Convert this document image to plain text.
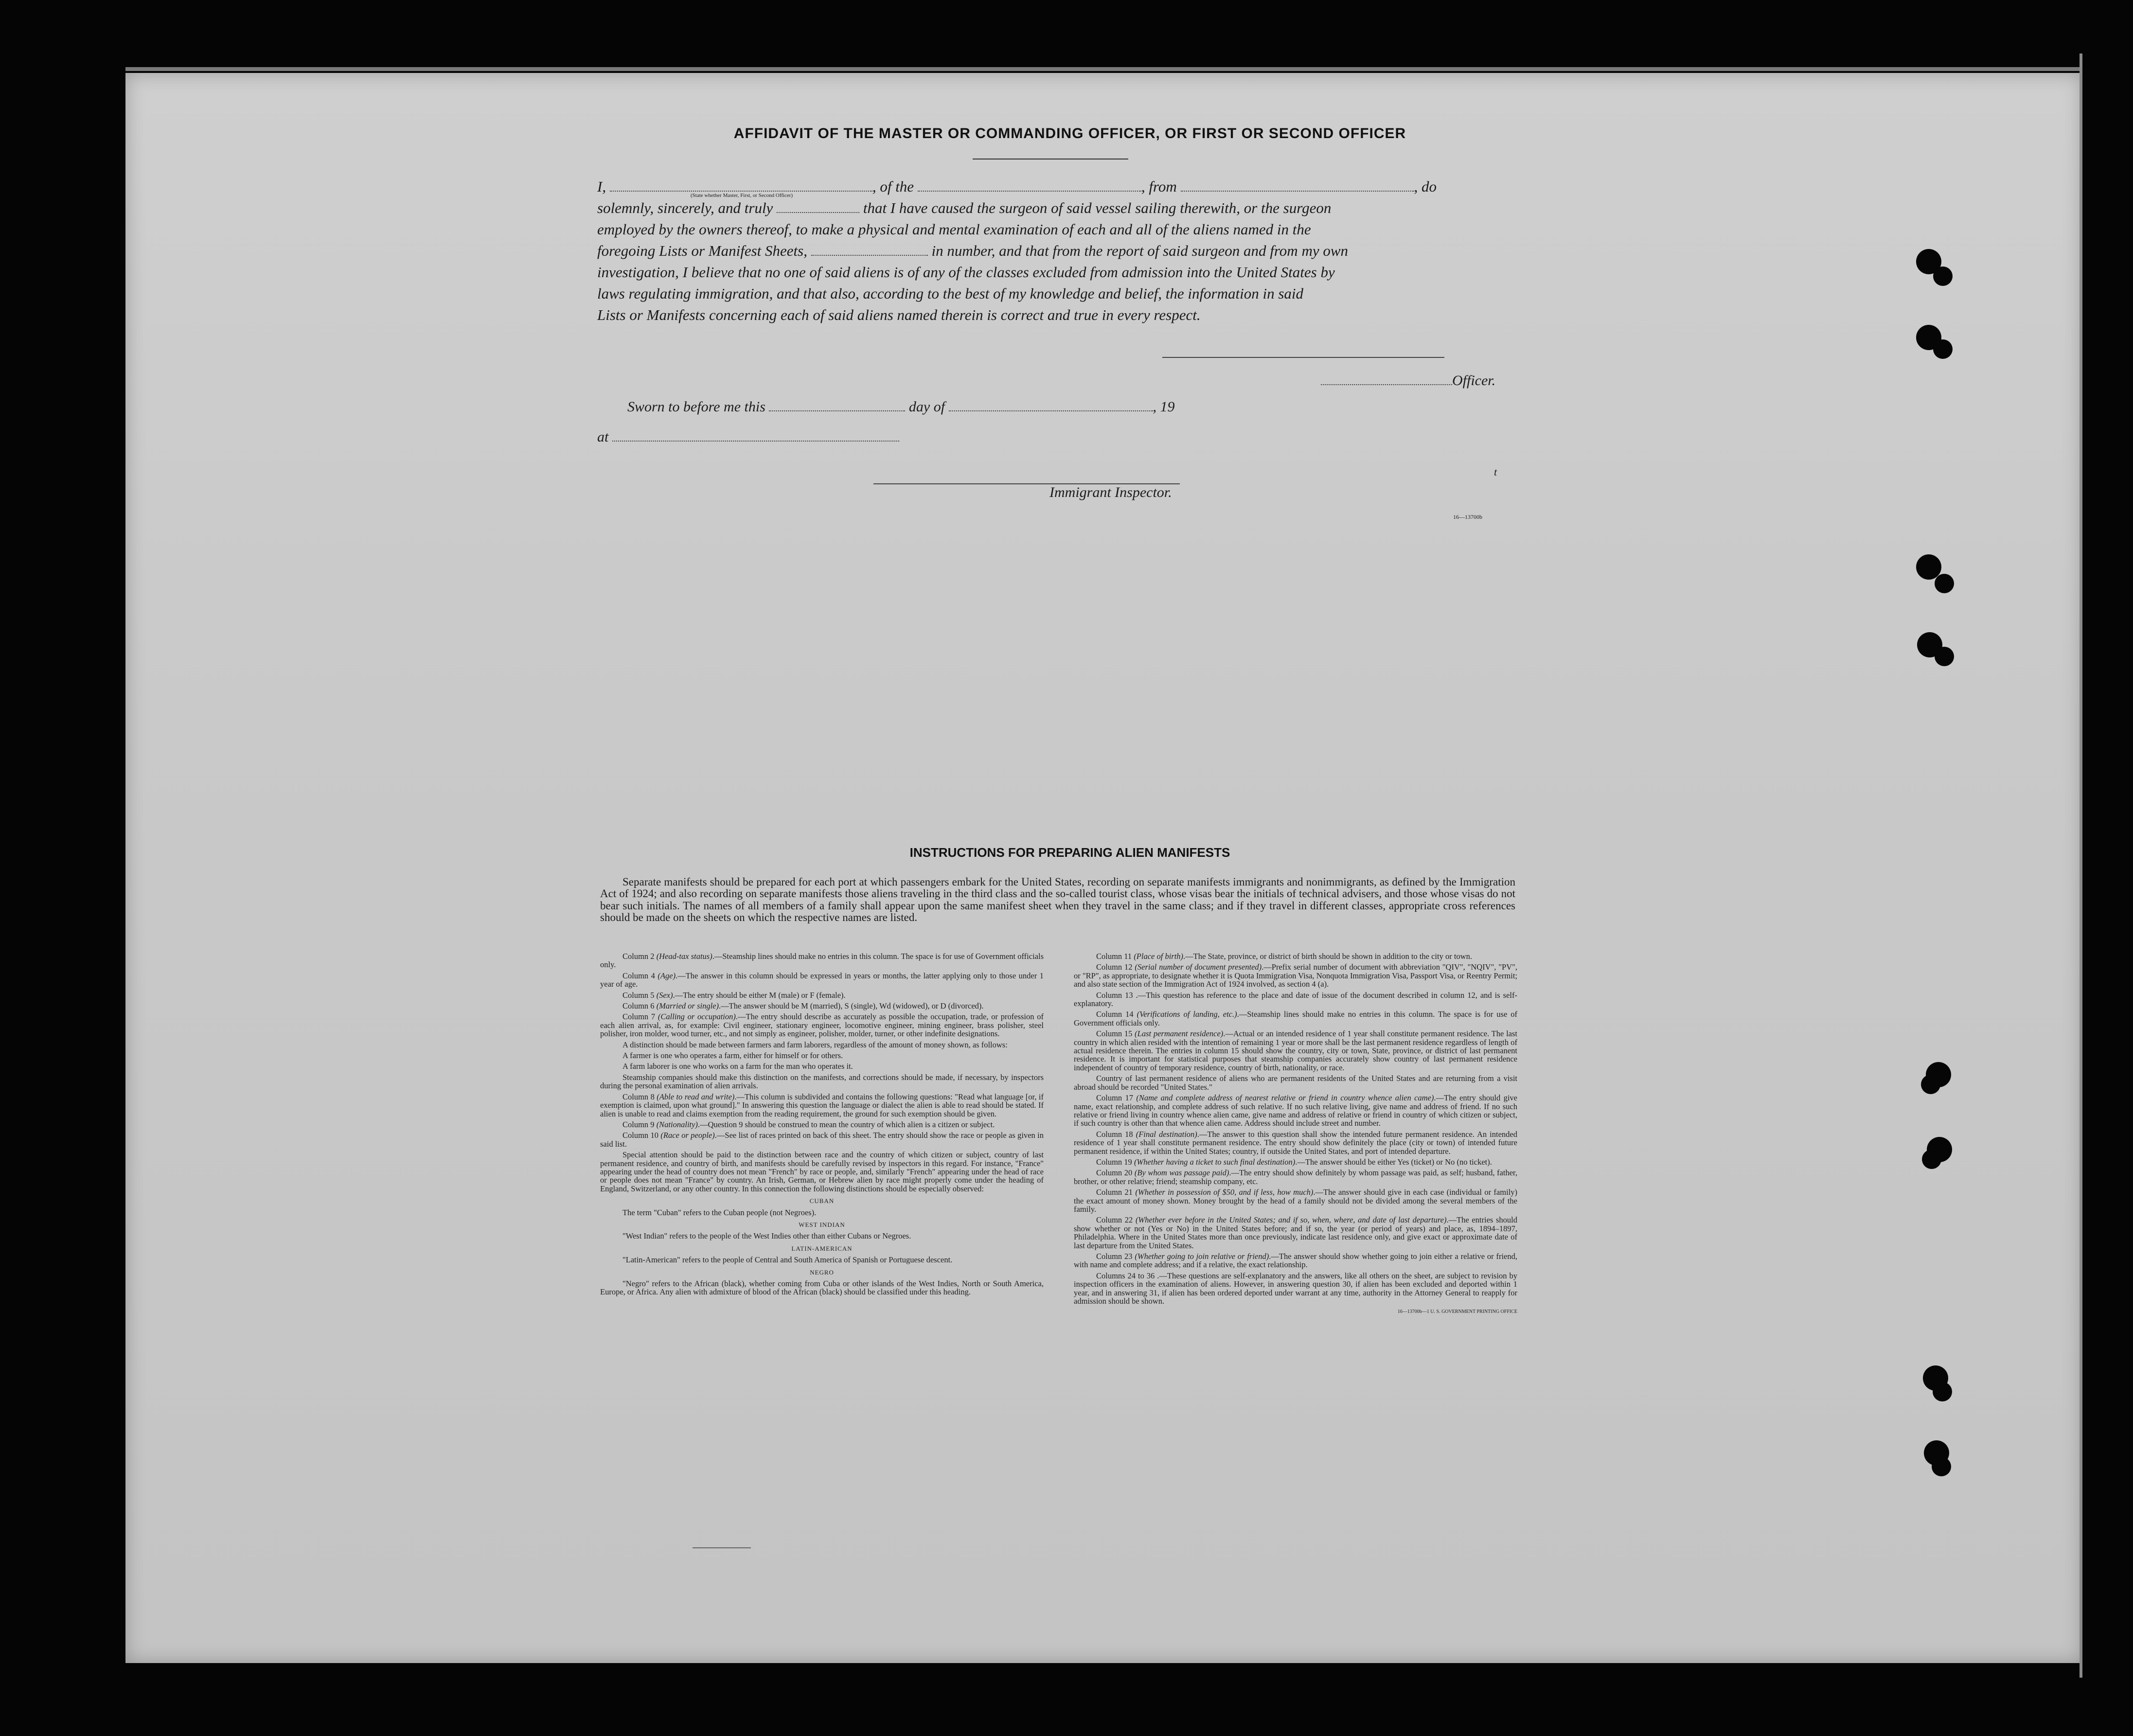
AFFIDAVIT OF THE MASTER OR COMMANDING OFFICER, OR FIRST OR SECOND OFFICER
(State whether Master, First, or Second Officer)
I,	, of the	, from	, do
solemnly, sincerely, and truly	that I have caused the surgeon of said vessel sailing therewith, or the surgeon
employed by the owners thereof, to make a physical and mental examination of each and all of the aliens named in the
foregoing Lists or Manifest Sheets,	in number, and that from the report of said surgeon and from my own
investigation, I believe that no one of said aliens is of any of the classes excluded from admission into the United States by
laws regulating immigration, and that also, according to the best of my knowledge and belief, the information in said
Lists or Manifests concerning each of said aliens named therein is correct and true in every respect.
Officer.
Sworn to before me this	day of	, 19
at
t
Immigrant Inspector.
16—13700b
INSTRUCTIONS FOR PREPARING ALIEN MANIFESTS
Separate manifests should be prepared for each port at which passengers embark for the United States, recording on separate manifests immigrants and nonimmigrants, as defined by the Immigration Act of 1924; and also recording on separate manifests those aliens traveling in the third class and the so-called tourist class, whose visas bear the initials of technical advisers, and those whose visas do not bear such initials. The names of all members of a family shall appear upon the same manifest sheet when they travel in the same class; and if they travel in different classes, appropriate cross references should be made on the sheets on which the respective names are listed.

Column 2 (Head-tax status).—Steamship lines should make no entries in this column. The space is for use of Government officials only.

Column 4 (Age).—The answer in this column should be expressed in years or months, the latter applying only to those under 1 year of age.

Column 5 (Sex).—The entry should be either M (male) or F (female).

Column 6 (Married or single).—The answer should be M (married), S (single), Wd (widowed), or D (divorced).

Column 7 (Calling or occupation).—The entry should describe as accurately as possible the occupation, trade, or profession of each alien arrival, as, for example: Civil engineer, stationary engineer, locomotive engineer, mining engineer, brass polisher, steel polisher, iron molder, wood turner, etc., and not simply as engineer, polisher, molder, turner, or other indefinite designations.

A distinction should be made between farmers and farm laborers, regardless of the amount of money shown, as follows:

A farmer is one who operates a farm, either for himself or for others.

A farm laborer is one who works on a farm for the man who operates it.

Steamship companies should make this distinction on the manifests, and corrections should be made, if necessary, by inspectors during the personal examination of alien arrivals.

Column 8 (Able to read and write).—This column is subdivided and contains the following questions: "Read what language [or, if exemption is claimed, upon what ground]." In answering this question the language or dialect the alien is able to read should be stated. If alien is unable to read and claims exemption from the reading requirement, the ground for such exemption should be given.

Column 9 (Nationality).—Question 9 should be construed to mean the country of which alien is a citizen or subject.

Column 10 (Race or people).—See list of races printed on back of this sheet. The entry should show the race or people as given in said list.

Special attention should be paid to the distinction between race and the country of which citizen or subject, country of last permanent residence, and country of birth, and manifests should be carefully revised by inspectors in this regard. For instance, "France" appearing under the head of country does not mean "French" by race or people, and, similarly "French" appearing under the head of race or people does not mean "France" by country. An Irish, German, or Hebrew alien by race might properly come under the heading of England, Switzerland, or any other country. In this connection the following distinctions should be especially observed:

CUBAN

The term "Cuban" refers to the Cuban people (not Negroes).

WEST INDIAN

"West Indian" refers to the people of the West Indies other than either Cubans or Negroes.

LATIN-AMERICAN

"Latin-American" refers to the people of Central and South America of Spanish or Portuguese descent.

NEGRO

"Negro" refers to the African (black), whether coming from Cuba or other islands of the West Indies, North or South America, Europe, or Africa. Any alien with admixture of blood of the African (black) should be classified under this heading.

Column 11 (Place of birth).—The State, province, or district of birth should be shown in addition to the city or town.

Column 12 (Serial number of document presented).—Prefix serial number of document with abbreviation "QIV", "NQIV", "PV", or "RP", as appropriate, to designate whether it is Quota Immigration Visa, Nonquota Immigration Visa, Passport Visa, or Reentry Permit; and also state section of the Immigration Act of 1924 involved, as section 4 (a).

Column 13 .—This question has reference to the place and date of issue of the document described in column 12, and is self-explanatory.

Column 14 (Verifications of landing, etc.).—Steamship lines should make no entries in this column. The space is for use of Government officials only.

Column 15 (Last permanent residence).—Actual or an intended residence of 1 year shall constitute permanent residence. The last country in which alien resided with the intention of remaining 1 year or more shall be the last permanent residence regardless of length of actual residence therein. The entries in column 15 should show the country, city or town, State, province, or district of last permanent residence. It is important for statistical purposes that steamship companies accurately show country of last permanent residence independent of country of temporary residence, country of birth, nationality, or race.

Country of last permanent residence of aliens who are permanent residents of the United States and are returning from a visit abroad should be recorded "United States."

Column 17 (Name and complete address of nearest relative or friend in country whence alien came).—The entry should give name, exact relationship, and complete address of such relative. If no such relative living, give name and address of friend. If no such relative or friend living in country whence alien came, give name and address of relative or friend in country of which citizen or subject, if such country is other than that whence alien came. Address should include street and number.

Column 18 (Final destination).—The answer to this question shall show the intended future permanent residence. An intended residence of 1 year shall constitute permanent residence. The entry should show definitely the place (city or town) of intended future permanent residence, if within the United States; country, if outside the United States, and port of intended departure.

Column 19 (Whether having a ticket to such final destination).—The answer should be either Yes (ticket) or No (no ticket).

Column 20 (By whom was passage paid).—The entry should show definitely by whom passage was paid, as self; husband, father, brother, or other relative; friend; steamship company, etc.

Column 21 (Whether in possession of $50, and if less, how much).—The answer should give in each case (individual or family) the exact amount of money shown. Money brought by the head of a family should not be divided among the several members of the family.

Column 22 (Whether ever before in the United States; and if so, when, where, and date of last departure).—The entries should show whether or not (Yes or No) in the United States before; and if so, the year (or period of years) and place, as, 1894–1897, Philadelphia. Where in the United States more than once previously, indicate last residence only, and give exact or approximate date of last departure from the United States.

Column 23 (Whether going to join relative or friend).—The answer should show whether going to join either a relative or friend, with name and complete address; and if a relative, the exact relationship.

Columns 24 to 36 .—These questions are self-explanatory and the answers, like all others on the sheet, are subject to revision by inspection officers in the examination of aliens. However, in answering question 30, if alien has been excluded and deported within 1 year, and in answering 31, if alien has been ordered deported under warrant at any time, authority in the Attorney General to reapply for admission should be shown.

16—13700b—1 U. S. GOVERNMENT PRINTING OFFICE
